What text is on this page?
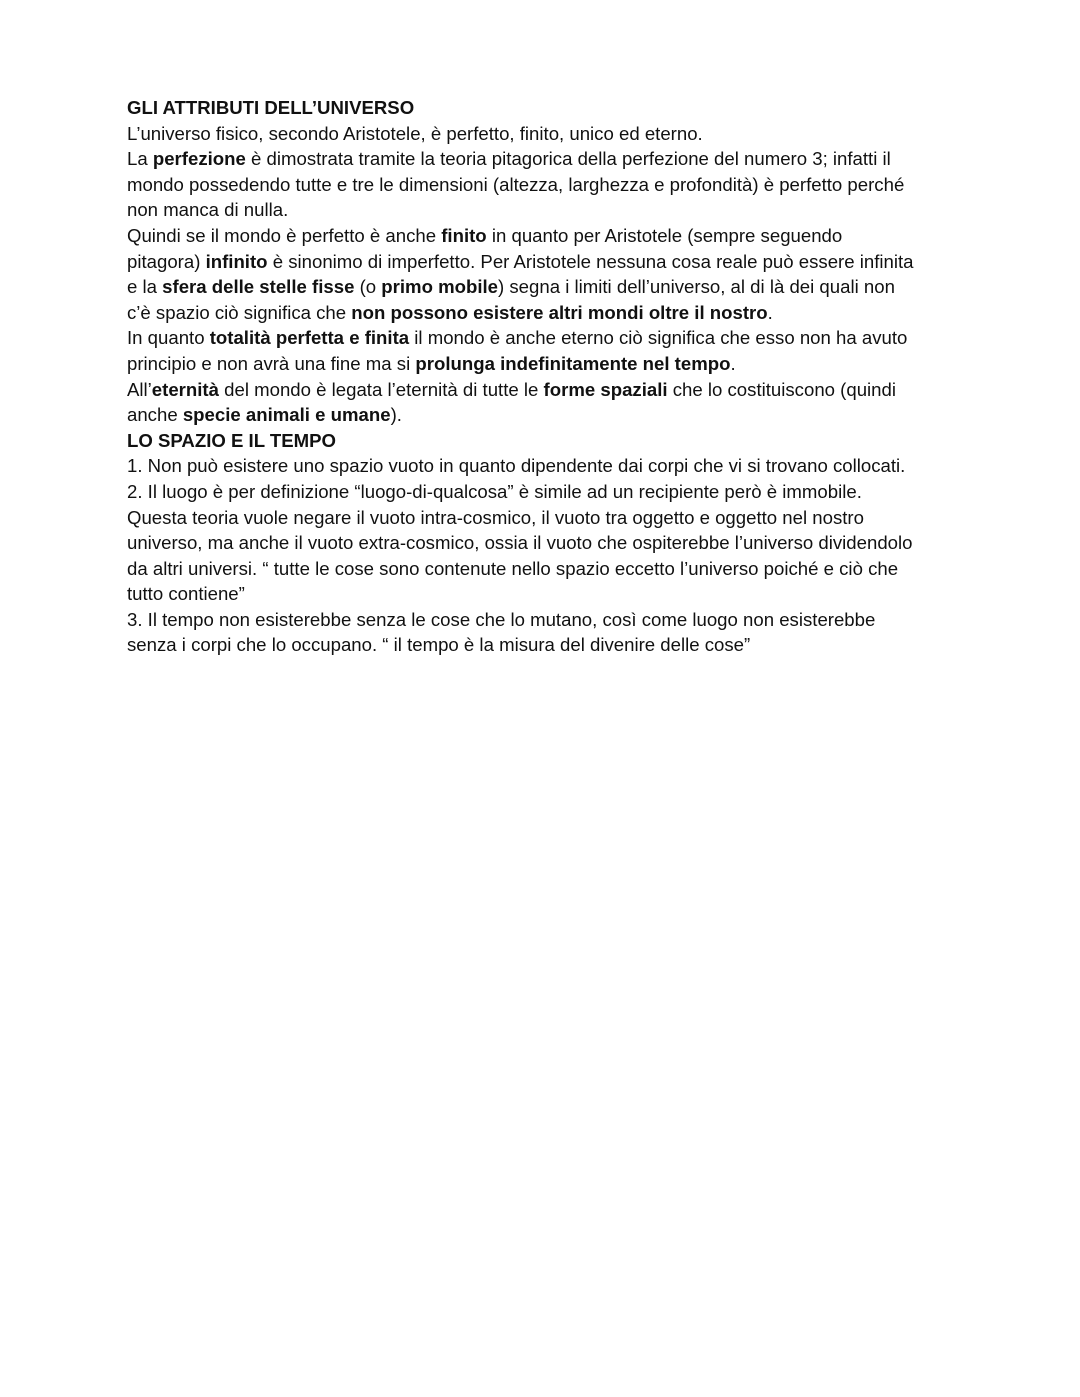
GLI ATTRIBUTI DELL’UNIVERSO
L’universo fisico, secondo Aristotele, è perfetto, finito, unico ed eterno.
La perfezione è dimostrata tramite la teoria pitagorica della perfezione del numero 3; infatti il
mondo possedendo tutte e tre le dimensioni (altezza, larghezza e profondità) è perfetto perché
non manca di nulla.
Quindi se il mondo è perfetto è anche finito in quanto per Aristotele (sempre seguendo
pitagora) infinito è sinonimo di imperfetto. Per Aristotele nessuna cosa reale può essere infinita
e la sfera delle stelle fisse (o primo mobile) segna i limiti dell’universo, al di là dei quali non
c’è spazio ciò significa che non possono esistere altri mondi oltre il nostro.
In quanto totalità perfetta e finita il mondo è anche eterno ciò significa che esso non ha avuto
principio e non avrà una fine ma si prolunga indefinitamente nel tempo.
All’eternità del mondo è legata l’eternità di tutte le forme spaziali che lo costituiscono (quindi
anche specie animali e umane).
LO SPAZIO E IL TEMPO
1. Non può esistere uno spazio vuoto in quanto dipendente dai corpi che vi si trovano collocati.
2. Il luogo è per definizione “luogo-di-qualcosa” è simile ad un recipiente però è immobile.
Questa teoria vuole negare il vuoto intra-cosmico, il vuoto tra oggetto e oggetto nel nostro
universo, ma anche il vuoto extra-cosmico, ossia il vuoto che ospiterebbe l’universo dividendolo
da altri universi. “ tutte le cose sono contenute nello spazio eccetto l’universo poiché e ciò che
tutto contiene”
3. Il tempo non esisterebbe senza le cose che lo mutano, così come luogo non esisterebbe
senza i corpi che lo occupano. “ il tempo è la misura del divenire delle cose”
